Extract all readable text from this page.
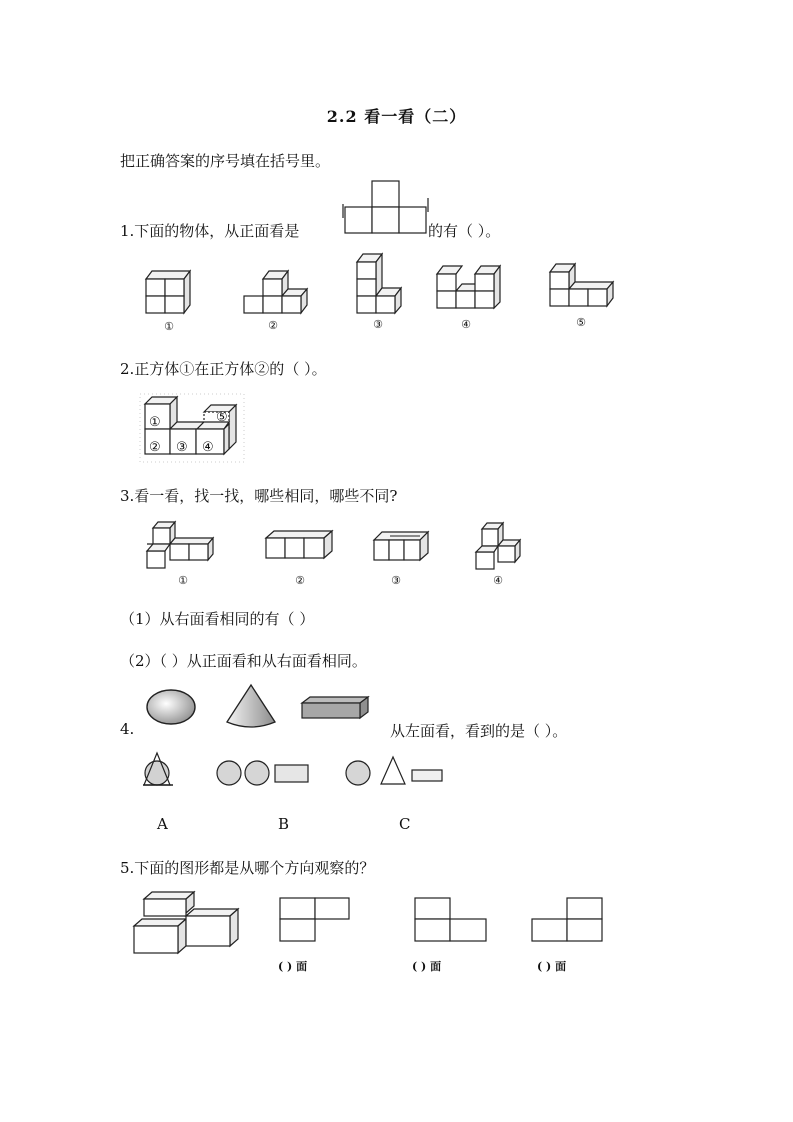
2.2 看一看（二）
把正确答案的序号填在括号里。
1.下面的物体，从正面看是	的有（ ）。
①	②	③	④	⑤
2.正方体①在正方体②的（ ）。
①
② ③ ④
⑤
3.看一看，找一找，哪些相同，哪些不同?
①	②	③	④
（1）从右面看相同的有（ ）
（2）（ ）从正面看和从右面看相同。
4.	从左面看，看到的是（ ）。
A	B	C
5.下面的图形都是从哪个方向观察的？
( ) 面	( ) 面	( ) 面
